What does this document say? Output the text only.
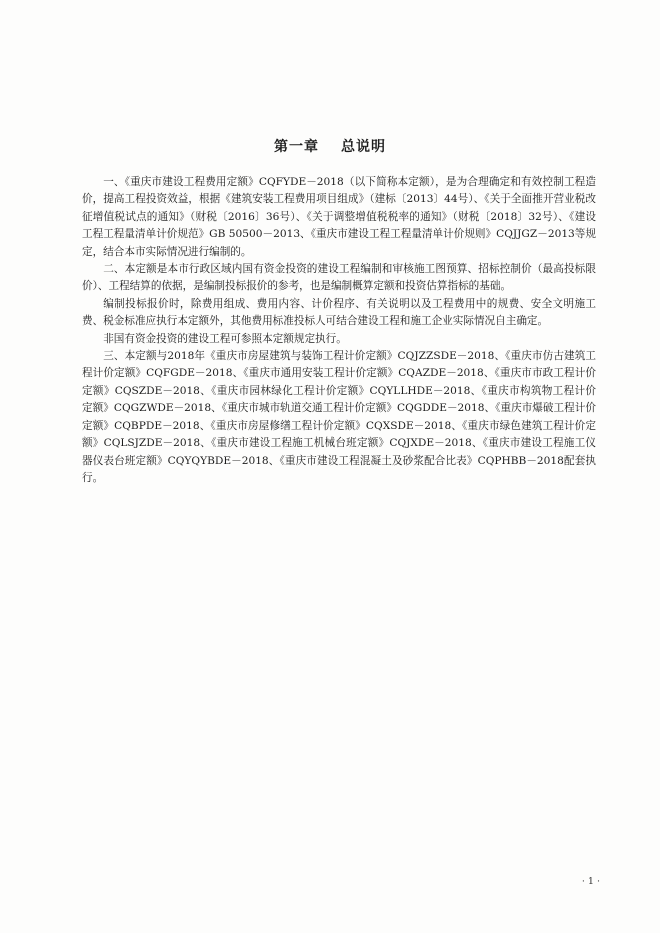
第一章 总说明

一、《重庆市建设工程费用定额》CQFYDE－2018（以下简称本定额），是为合理确定和有效控制工程造价，提高工程投资效益，根据《建筑安装工程费用项目组成》（建标〔2013〕44号）、《关于全面推开营业税改征增值税试点的通知》（财税〔2016〕36号）、《关于调整增值税税率的通知》（财税〔2018〕32号）、《建设工程工程量清单计价规范》GB 50500－2013、《重庆市建设工程工程量清单计价规则》CQJJGZ－2013等规定，结合本市实际情况进行编制的。

二、本定额是本市行政区域内国有资金投资的建设工程编制和审核施工图预算、招标控制价（最高投标限价）、工程结算的依据，是编制投标报价的参考，也是编制概算定额和投资估算指标的基础。

编制投标报价时，除费用组成、费用内容、计价程序、有关说明以及工程费用中的规费、安全文明施工费、税金标准应执行本定额外，其他费用标准投标人可结合建设工程和施工企业实际情况自主确定。

非国有资金投资的建设工程可参照本定额规定执行。

三、本定额与2018年《重庆市房屋建筑与装饰工程计价定额》CQJZZSDE－2018、《重庆市仿古建筑工程计价定额》CQFGDE－2018、《重庆市通用安装工程计价定额》CQAZDE－2018、《重庆市市政工程计价定额》CQSZDE－2018、《重庆市园林绿化工程计价定额》CQYLLHDE－2018、《重庆市构筑物工程计价定额》CQGZWDE－2018、《重庆市城市轨道交通工程计价定额》CQGDDE－2018、《重庆市爆破工程计价定额》CQBPDE－2018、《重庆市房屋修缮工程计价定额》CQXSDE－2018、《重庆市绿色建筑工程计价定额》CQLSJZDE－2018、《重庆市建设工程施工机械台班定额》CQJXDE－2018、《重庆市建设工程施工仪器仪表台班定额》CQYQYBDE－2018、《重庆市建设工程混凝土及砂浆配合比表》CQPHBB－2018配套执行。

· 1 ·
